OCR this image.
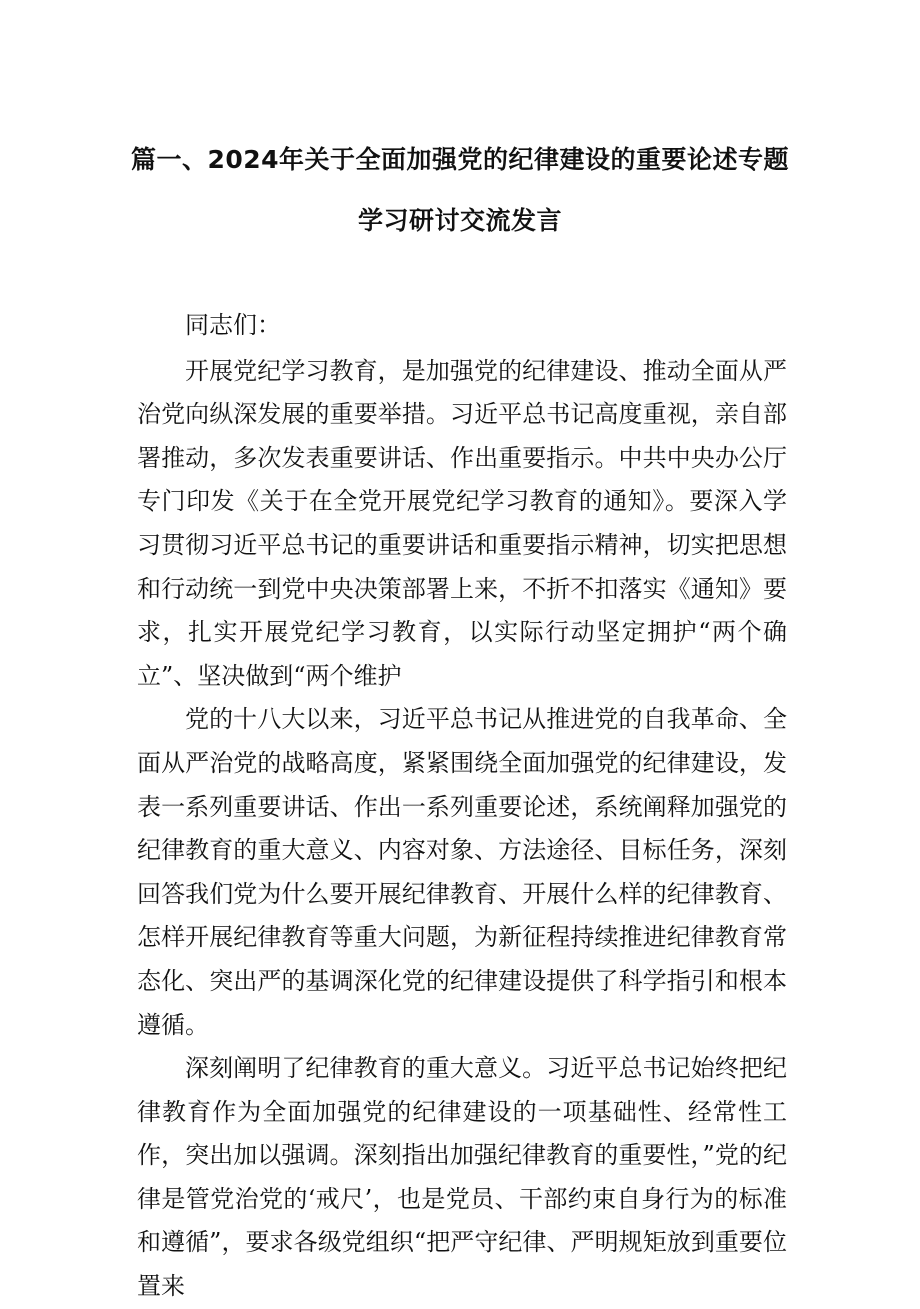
篇一、2024年关于全面加强党的纪律建设的重要论述专题
学习研讨交流发言

同志们：

开展党纪学习教育，是加强党的纪律建设、推动全面从严治党向纵深发展的重要举措。习近平总书记高度重视，亲自部署推动，多次发表重要讲话、作出重要指示。中共中央办公厅专门印发《关于在全党开展党纪学习教育的通知》。要深入学习贯彻习近平总书记的重要讲话和重要指示精神，切实把思想和行动统一到党中央决策部署上来，不折不扣落实《通知》要求，扎实开展党纪学习教育，以实际行动坚定拥护“两个确立”、坚决做到“两个维护

党的十八大以来，习近平总书记从推进党的自我革命、全面从严治党的战略高度，紧紧围绕全面加强党的纪律建设，发表一系列重要讲话、作出一系列重要论述，系统阐释加强党的纪律教育的重大意义、内容对象、方法途径、目标任务，深刻回答我们党为什么要开展纪律教育、开展什么样的纪律教育、怎样开展纪律教育等重大问题，为新征程持续推进纪律教育常态化、突出严的基调深化党的纪律建设提供了科学指引和根本遵循。

深刻阐明了纪律教育的重大意义。习近平总书记始终把纪律教育作为全面加强党的纪律建设的一项基础性、经常性工作，突出加以强调。深刻指出加强纪律教育的重要性，”党的纪律是管党治党的‘戒尺’，也是党员、干部约束自身行为的标准和遵循”，要求各级党组织“把严守纪律、严明规矩放到重要位置来
